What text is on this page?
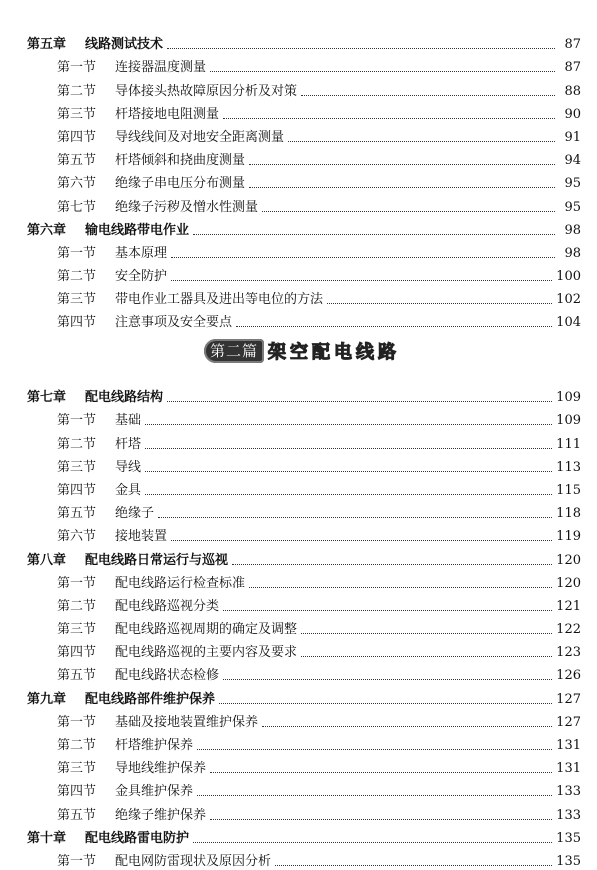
第五章	线路测试技术	87
第一节	连接器温度测量	87
第二节	导体接头热故障原因分析及对策	88
第三节	杆塔接地电阻测量	90
第四节	导线线间及对地安全距离测量	91
第五节	杆塔倾斜和挠曲度测量	94
第六节	绝缘子串电压分布测量	95
第七节	绝缘子污秽及憎水性测量	95
第六章	输电线路带电作业	98
第一节	基本原理	98
第二节	安全防护	100
第三节	带电作业工器具及进出等电位的方法	102
第四节	注意事项及安全要点	104
第二篇 架空配电线路
第七章	配电线路结构	109
第一节	基础	109
第二节	杆塔	111
第三节	导线	113
第四节	金具	115
第五节	绝缘子	118
第六节	接地装置	119
第八章	配电线路日常运行与巡视	120
第一节	配电线路运行检查标准	120
第二节	配电线路巡视分类	121
第三节	配电线路巡视周期的确定及调整	122
第四节	配电线路巡视的主要内容及要求	123
第五节	配电线路状态检修	126
第九章	配电线路部件维护保养	127
第一节	基础及接地装置维护保养	127
第二节	杆塔维护保养	131
第三节	导地线维护保养	131
第四节	金具维护保养	133
第五节	绝缘子维护保养	133
第十章	配电线路雷电防护	135
第一节	配电网防雷现状及原因分析	135
